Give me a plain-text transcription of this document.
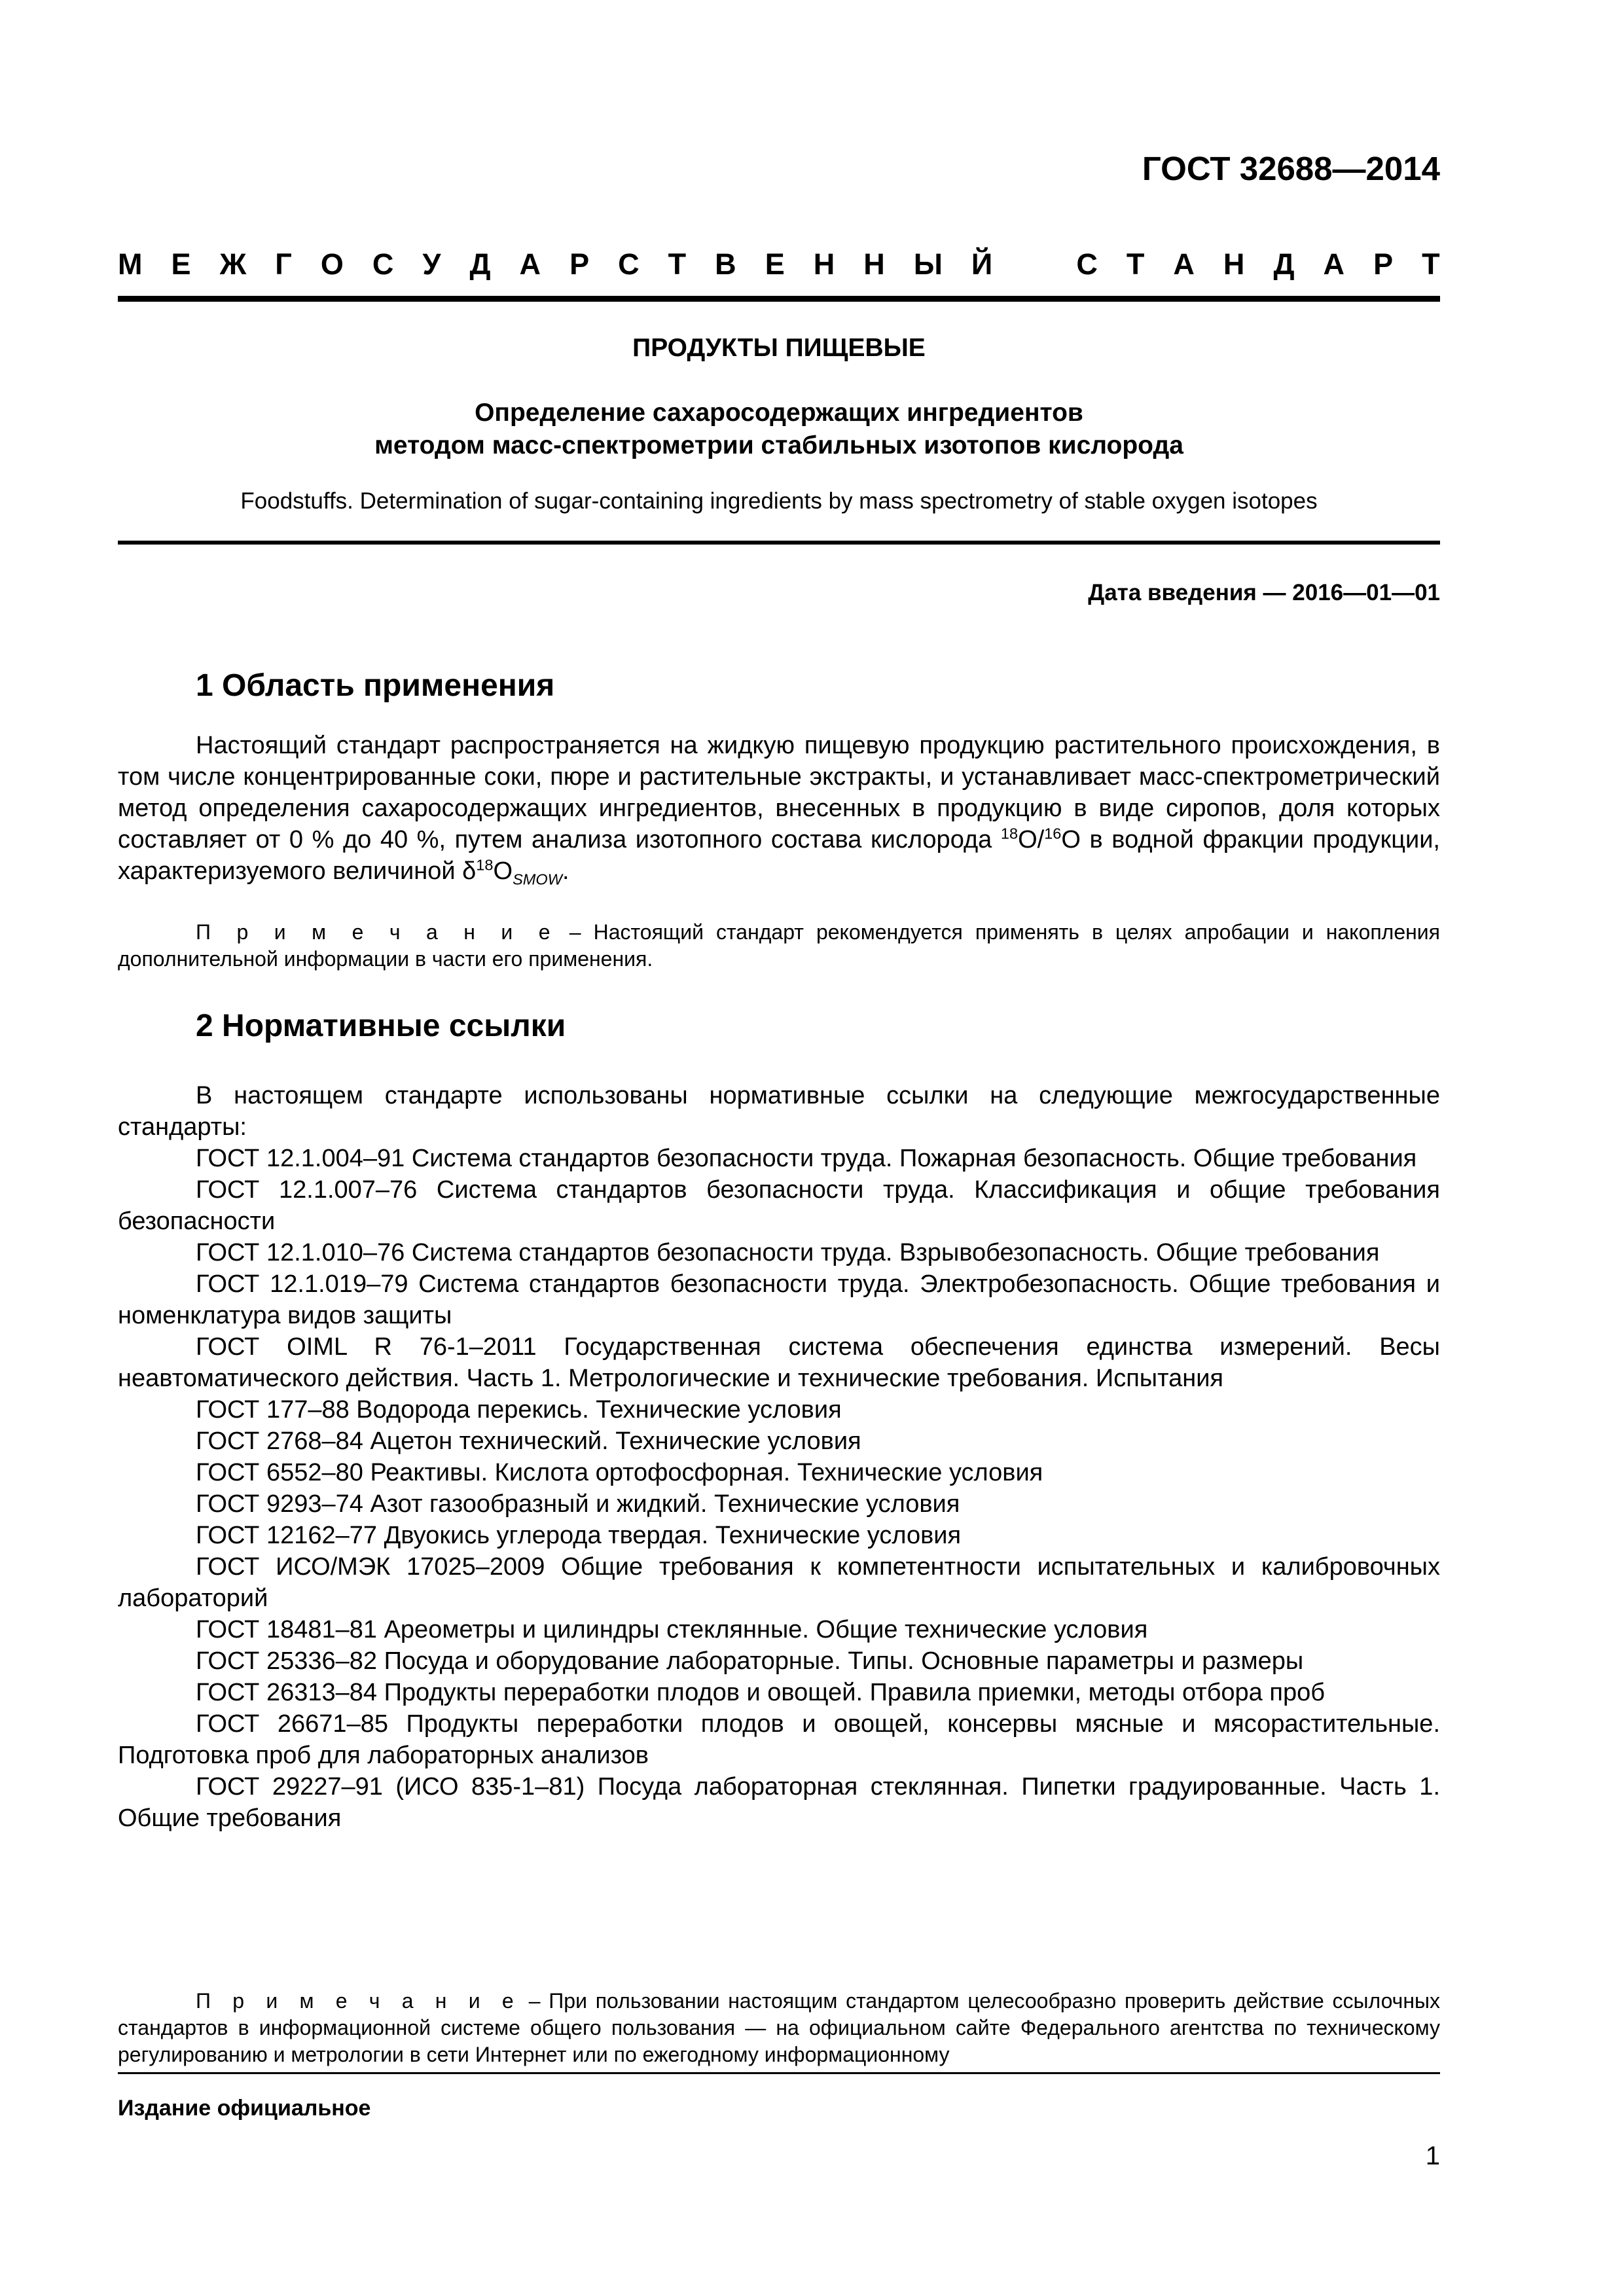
ГОСТ 32688—2014
М Е Ж Г О С У Д А Р С Т В Е Н Н Ы Й	С Т А Н Д А Р Т
ПРОДУКТЫ ПИЩЕВЫЕ
Определение сахаросодержащих ингредиентов
методом масс-спектрометрии стабильных изотопов кислорода
Foodstuffs. Determination of sugar-containing ingredients by mass spectrometry of stable oxygen isotopes
Дата введения — 2016—01—01
1 Область применения

Настоящий стандарт распространяется на жидкую пищевую продукцию растительного происхождения, в том числе концентрированные соки, пюре и растительные экстракты, и устанавливает масс-спектрометрический метод определения сахаросодержащих ингредиентов, внесенных в продукцию в виде сиропов, доля которых составляет от 0 % до 40 %, путем анализа изотопного состава кислорода $^{18}$O/$^{16}$O в водной фракции продукции, характеризуемого величиной $\delta^{18}O_{SMOW}$.

П р и м е ч а н и е – Настоящий стандарт рекомендуется применять в целях апробации и накопления дополнительной информации в части его применения.

2 Нормативные ссылки

В настоящем стандарте использованы нормативные ссылки на следующие межгосударственные стандарты:

ГОСТ 12.1.004–91 Система стандартов безопасности труда. Пожарная безопасность. Общие требования

ГОСТ 12.1.007–76 Система стандартов безопасности труда. Классификация и общие требования безопасности

ГОСТ 12.1.010–76 Система стандартов безопасности труда. Взрывобезопасность. Общие требования

ГОСТ 12.1.019–79 Система стандартов безопасности труда. Электробезопасность. Общие требования и номенклатура видов защиты

ГОСТ OIML R 76-1–2011 Государственная система обеспечения единства измерений. Весы неавтоматического действия. Часть 1. Метрологические и технические требования. Испытания

ГОСТ 177–88 Водорода перекись. Технические условия

ГОСТ 2768–84 Ацетон технический. Технические условия

ГОСТ 6552–80 Реактивы. Кислота ортофосфорная. Технические условия

ГОСТ 9293–74 Азот газообразный и жидкий. Технические условия

ГОСТ 12162–77 Двуокись углерода твердая. Технические условия

ГОСТ ИСО/МЭК 17025–2009 Общие требования к компетентности испытательных и калибровочных лабораторий

ГОСТ 18481–81 Ареометры и цилиндры стеклянные. Общие технические условия

ГОСТ 25336–82 Посуда и оборудование лабораторные. Типы. Основные параметры и размеры

ГОСТ 26313–84 Продукты переработки плодов и овощей. Правила приемки, методы отбора проб

ГОСТ 26671–85 Продукты переработки плодов и овощей, консервы мясные и мясорастительные. Подготовка проб для лабораторных анализов

ГОСТ 29227–91 (ИСО 835-1–81) Посуда лабораторная стеклянная. Пипетки градуированные. Часть 1. Общие требования

П р и м е ч а н и е – При пользовании настоящим стандартом целесообразно проверить действие ссылочных стандартов в информационной системе общего пользования — на официальном сайте Федерального агентства по техническому регулированию и метрологии в сети Интернет или по ежегодному информационному

Издание официальное
1
